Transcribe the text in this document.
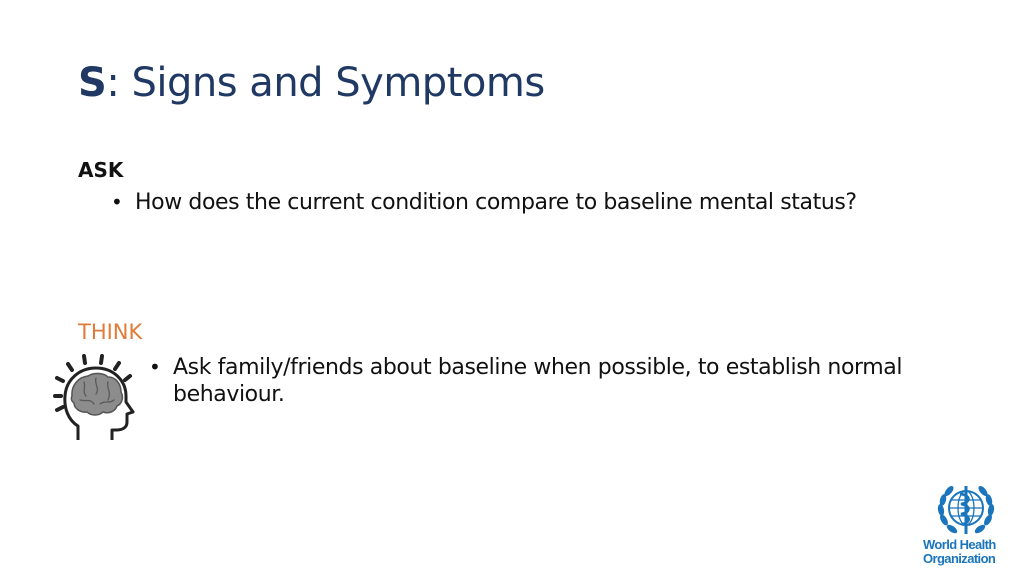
S: Signs and Symptoms
ASK
• How does the current condition compare to baseline mental status?
THINK
• Ask family/friends about baseline when possible, to establish normal behaviour.
World Health
Organization
